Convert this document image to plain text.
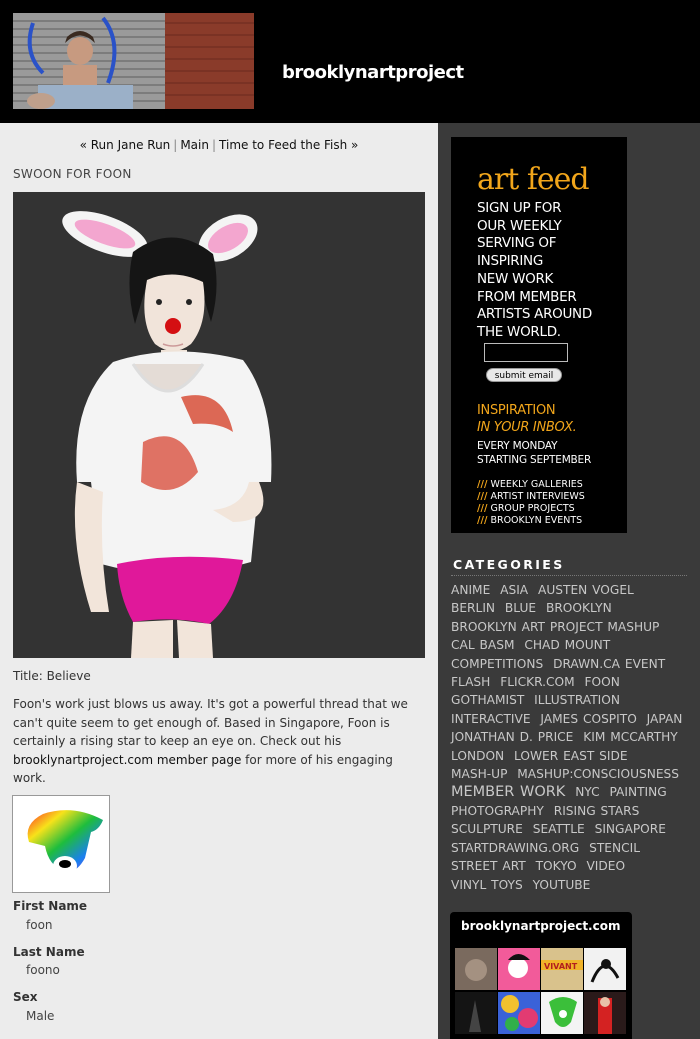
brooklynartproject
« Run Jane Run | Main | Time to Feed the Fish »
SWOON FOR FOON
Title: Believe

Foon's work just blows us away. It's got a powerful thread that we can't quite seem to get enough of. Based in Singapore, Foon is certainly a rising star to keep an eye on. Check out his brooklynartproject.com member page for more of his engaging work.

First Name
foon
Last Name
foono
Sex
Male
art feed
SIGN UP FOR
OUR WEEKLY
SERVING OF
INSPIRING
NEW WORK
FROM MEMBER
ARTISTS AROUND
THE WORLD.
submit email
INSPIRATION
IN YOUR INBOX.
EVERY MONDAY
STARTING SEPTEMBER
/// WEEKLY GALLERIES
/// ARTIST INTERVIEWS
/// GROUP PROJECTS
/// BROOKLYN EVENTS
CATEGORIES
ANIME ASIA AUSTEN VOGEL BERLIN BLUE BROOKLYN BROOKLYN ART PROJECT MASHUP CAL BASM CHAD MOUNT COMPETITIONS DRAWN.CA EVENT FLASH FLICKR.COM FOON GOTHAMIST ILLUSTRATION INTERACTIVE JAMES COSPITO JAPAN JONATHAN D. PRICE KIM MCCARTHY LONDON LOWER EAST SIDE MASH-UP MASHUP:CONSCIOUSNESS MEMBER WORK NYC PAINTING PHOTOGRAPHY RISING STARS SCULPTURE SEATTLE SINGAPORE STARTDRAWING.ORG STENCIL STREET ART TOKYO VIDEO VINYL TOYS YOUTUBE
brooklynartproject.com
VIVANT
